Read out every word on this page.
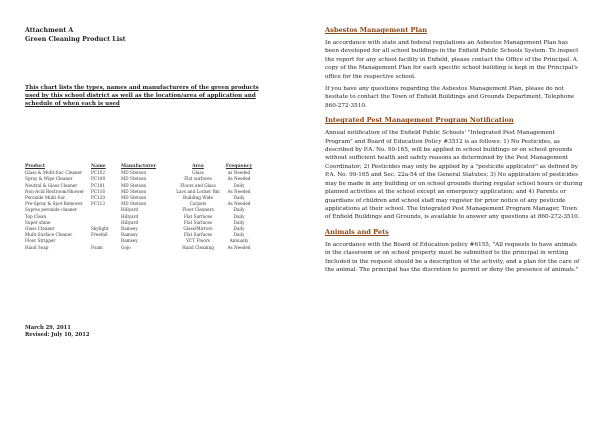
Attachment A

Green Cleaning Product List

This chart lists the types, names and manufacturers of the green products used by this school district as well as the location/area of application and schedule of when each is used

Product	Name	Manufacturer	Area	Frequency
Glass & Multi-Sur. Cleaner	PC102	MD Stetson	Glass	as Needed
Spray & Wipe Cleaner	PC108	MD Stetson	Flat surfaces	As Needed
Neutral & Glass Cleaner	PC101	MD Stetson	Floors and Glass	Daily
Non-Acid Restroom/Shower	PC116	MD Stetson	Lavs and Locker Rm	As Needed
Peroxide Multi-Sur.	PC120	MD Stetson	Building Wide	Daily
Pre-Spray & Spot Remover	PC113	MD Stetson	Carpets	As Needed
Supres peroxide cleaner		Hillyard	Floor Cleaners	Daily
Top Clean		Hillyard	Flat Surfaces	Daily
Super shine		Hillyard	Flat Surfaces	Daily
Glass Cleaner	Skylight	Ramsey	Glass/Mirrors	Daily
Multi-Surface Cleaner	Freefall	Ramsey	Flat Surfaces	Daily
Floor Stripper		Ramsey	VCT Floors	Annually
Hand Soap	Foam	Gojo	Hand Cleaning	As Needed
March 29, 2011
Revised: July 10, 2012

Asbestos Management Plan

In accordance with state and federal regulations an Asbestos Management Plan has been developed for all school buildings in the Enfield Public Schools System. To inspect the report for any school facility in Enfield, please contact the Office of the Principal. A copy of the Management Plan for each specific school building is kept in the Principal's office for the respective school.

If you have any questions regarding the Asbestos Management Plan, please do not hesitate to contact the Town of Enfield Buildings and Grounds Department, Telephone 860-272-3510.

Integrated Pest Management Program Notification

Annual notification of the Enfield Public Schools' "Integrated Pest Management Program" and Board of Education Policy #3512 is as follows: 1) No Pesticides, as described by P.A. No. 99-165, will be applied in school buildings or on school grounds without sufficient health and safety reasons as determined by the Pest Management Coordinator; 2) Pesticides may only be applied by a "pesticide applicator" as defined by P.A. No. 99-165 and Sec. 22a-54 of the General Statutes; 3) No application of pesticides may be made in any building or on school grounds during regular school hours or during planned activities at the school except an emergency application; and 4) Parents or guardians of children and school staff may register for prior notice of any pesticide applications at their school. The Integrated Pest Management Program Manager, Town of Enfield Buildings and Grounds, is available to answer any questions at 860-272-3510.

Animals and Pets

In accordance with the Board of Education policy #6155, "All requests to have animals in the classroom or on school property must be submitted to the principal in writing Included in the request should be a description of the activity, and a plan for the care of the animal. The principal has the discretion to permit or deny the presence of animals."
